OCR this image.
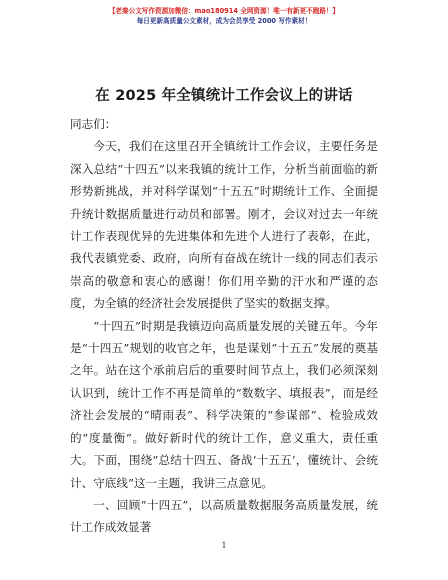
【老秦公文写作资源加微信：mao180914 全网资源！唯一有新更不跑路！】
每日更新高质量公文素材，成为会员享受 2000 写作素材！
在 2025 年全镇统计工作会议上的讲话

同志们：

今天，我们在这里召开全镇统计工作会议，主要任务是深入总结“十四五”以来我镇的统计工作，分析当前面临的新形势新挑战，并对科学谋划“十五五”时期统计工作、全面提升统计数据质量进行动员和部署。刚才，会议对过去一年统计工作表现优异的先进集体和先进个人进行了表彰，在此，我代表镇党委、政府，向所有奋战在统计一线的同志们表示崇高的敬意和衷心的感谢！你们用辛勤的汗水和严谨的态度，为全镇的经济社会发展提供了坚实的数据支撑。

“十四五”时期是我镇迈向高质量发展的关键五年。今年是“十四五”规划的收官之年，也是谋划“十五五”发展的奠基之年。站在这个承前启后的重要时间节点上，我们必须深刻认识到，统计工作不再是简单的“数数字、填报表”，而是经济社会发展的“晴雨表”、科学决策的“参谋部”、检验成效的“度量衡”。做好新时代的统计工作，意义重大，责任重大。下面，围绕“总结十四五、备战‘十五五’，懂统计、会统计、守底线”这一主题，我讲三点意见。

一、回顾“十四五”，以高质量数据服务高质量发展，统计工作成效显著

1
